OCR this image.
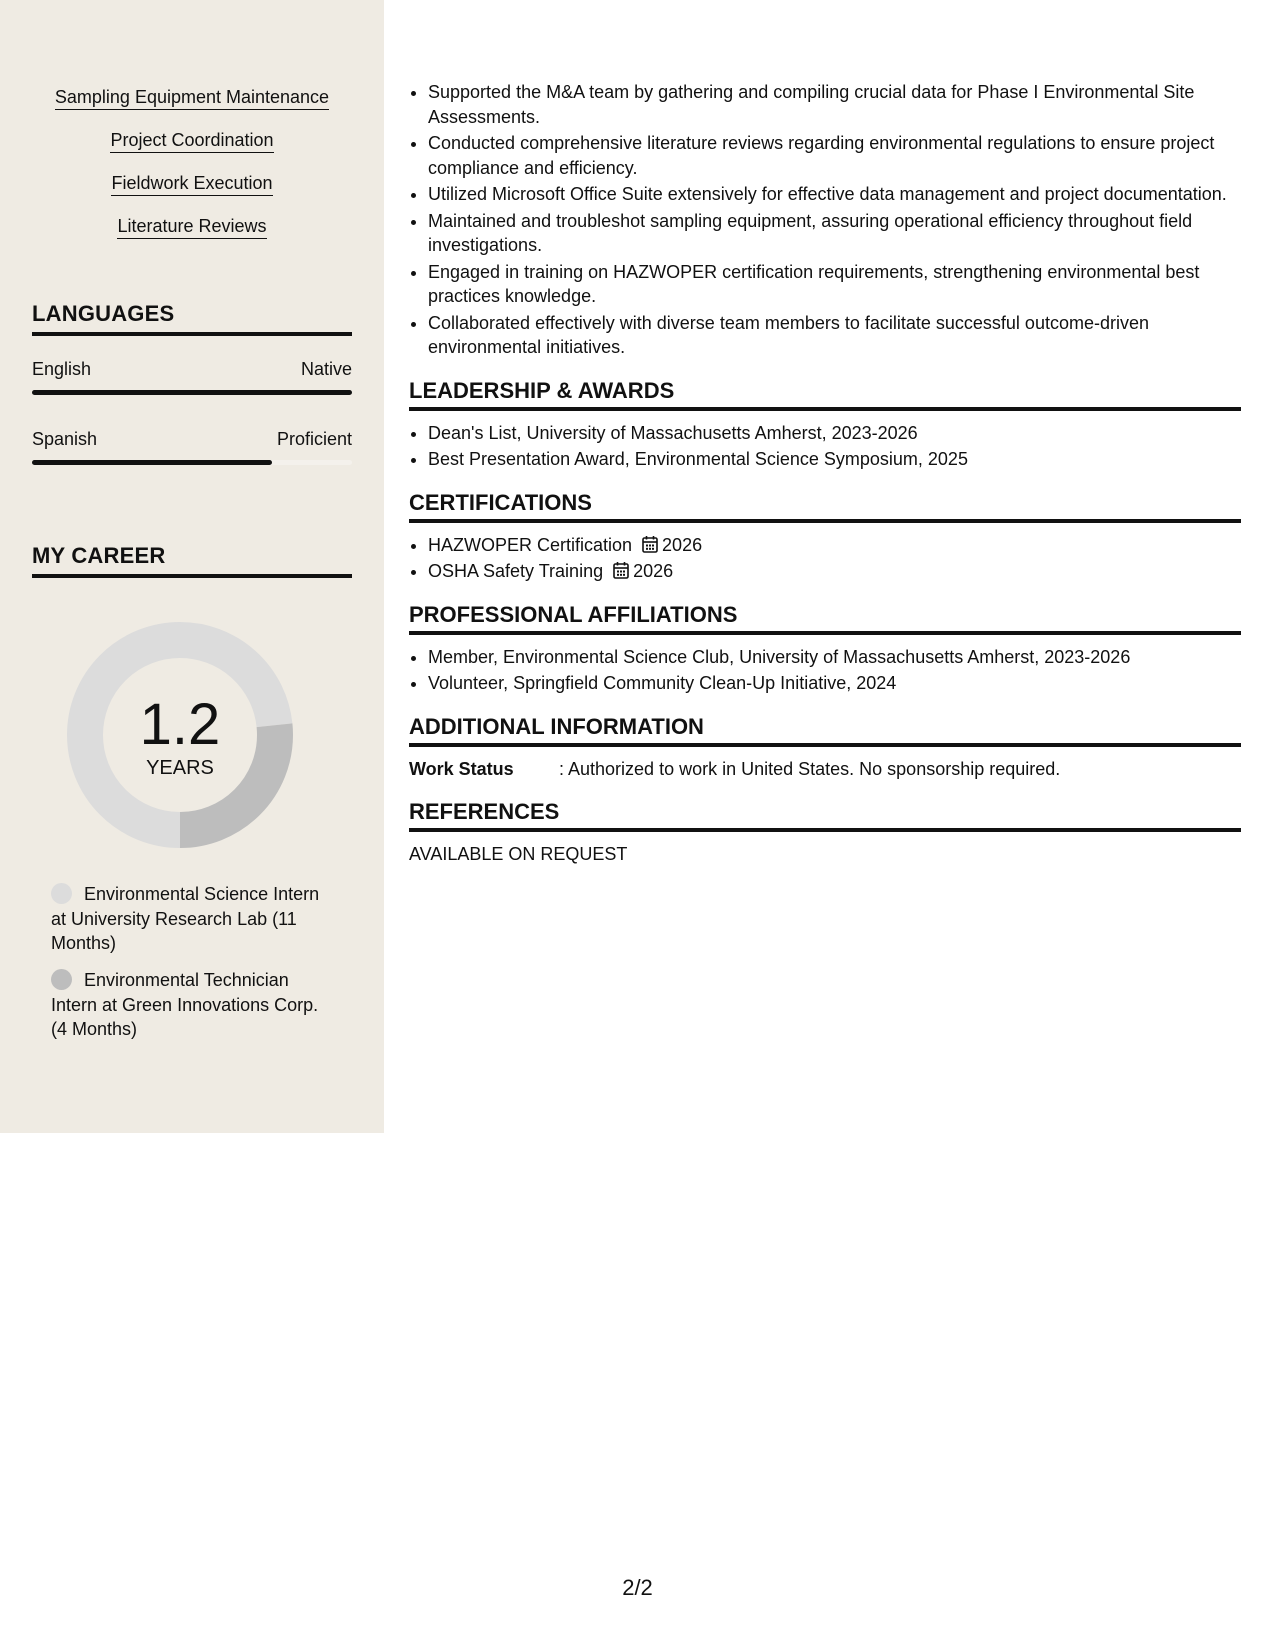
Sampling Equipment Maintenance
Project Coordination
Fieldwork Execution
Literature Reviews
LANGUAGES
English	Native
Spanish	Proficient
MY CAREER
1.2
YEARS
Environmental Science Intern at University Research Lab (11 Months)
Environmental Technician Intern at Green Innovations Corp. (4 Months)
• Supported the M&A team by gathering and compiling crucial data for Phase I Environmental Site Assessments.
• Conducted comprehensive literature reviews regarding environmental regulations to ensure project compliance and efficiency.
• Utilized Microsoft Office Suite extensively for effective data management and project documentation.
• Maintained and troubleshot sampling equipment, assuring operational efficiency throughout field investigations.
• Engaged in training on HAZWOPER certification requirements, strengthening environmental best practices knowledge.
• Collaborated effectively with diverse team members to facilitate successful outcome-driven environmental initiatives.
LEADERSHIP & AWARDS
• Dean's List, University of Massachusetts Amherst, 2023-2026
• Best Presentation Award, Environmental Science Symposium, 2025
CERTIFICATIONS
• HAZWOPER Certification 2026
• OSHA Safety Training 2026
PROFESSIONAL AFFILIATIONS
• Member, Environmental Science Club, University of Massachusetts Amherst, 2023-2026
• Volunteer, Springfield Community Clean-Up Initiative, 2024
ADDITIONAL INFORMATION
Work Status	: Authorized to work in United States. No sponsorship required.
REFERENCES
AVAILABLE ON REQUEST
2/2
